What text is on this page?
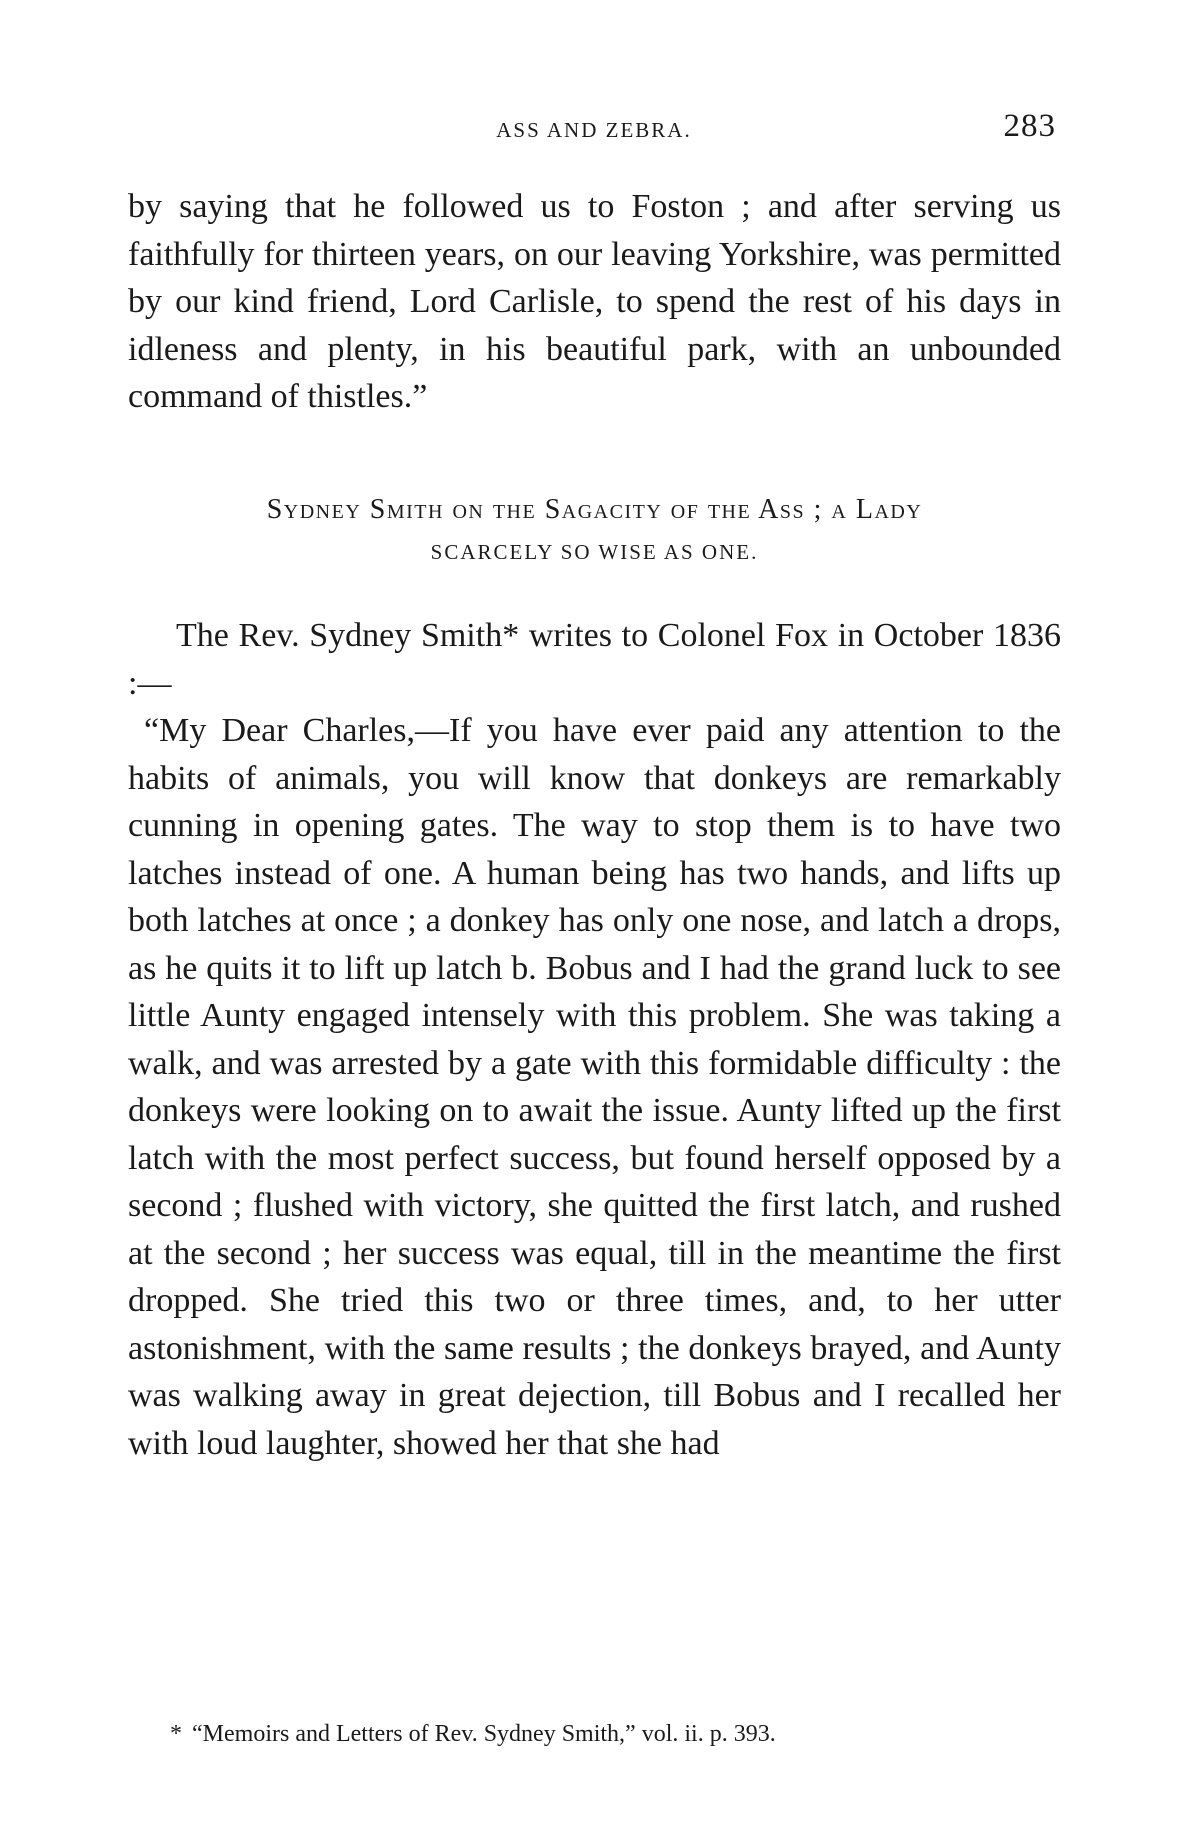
ASS AND ZEBRA.	283

by saying that he followed us to Foston ; and after serving us faithfully for thirteen years, on our leaving Yorkshire, was permitted by our kind friend, Lord Carlisle, to spend the rest of his days in idleness and plenty, in his beautiful park, with an unbounded command of thistles.”

Sydney Smith on the Sagacity of the Ass ; a Lady
SCARCELY SO WISE AS ONE.

The Rev. Sydney Smith* writes to Colonel Fox in October 1836 :—

“My Dear Charles,—If you have ever paid any attention to the habits of animals, you will know that donkeys are remarkably cunning in opening gates. The way to stop them is to have two latches instead of one. A human being has two hands, and lifts up both latches at once ; a donkey has only one nose, and latch a drops, as he quits it to lift up latch b. Bobus and I had the grand luck to see little Aunty engaged intensely with this problem. She was taking a walk, and was arrested by a gate with this formidable difficulty : the donkeys were looking on to await the issue. Aunty lifted up the first latch with the most perfect success, but found herself opposed by a second ; flushed with victory, she quitted the first latch, and rushed at the second ; her success was equal, till in the meantime the first dropped. She tried this two or three times, and, to her utter astonishment, with the same results ; the donkeys brayed, and Aunty was walking away in great dejection, till Bobus and I recalled her with loud laughter, showed her that she had

* “Memoirs and Letters of Rev. Sydney Smith,” vol. ii. p. 393.
